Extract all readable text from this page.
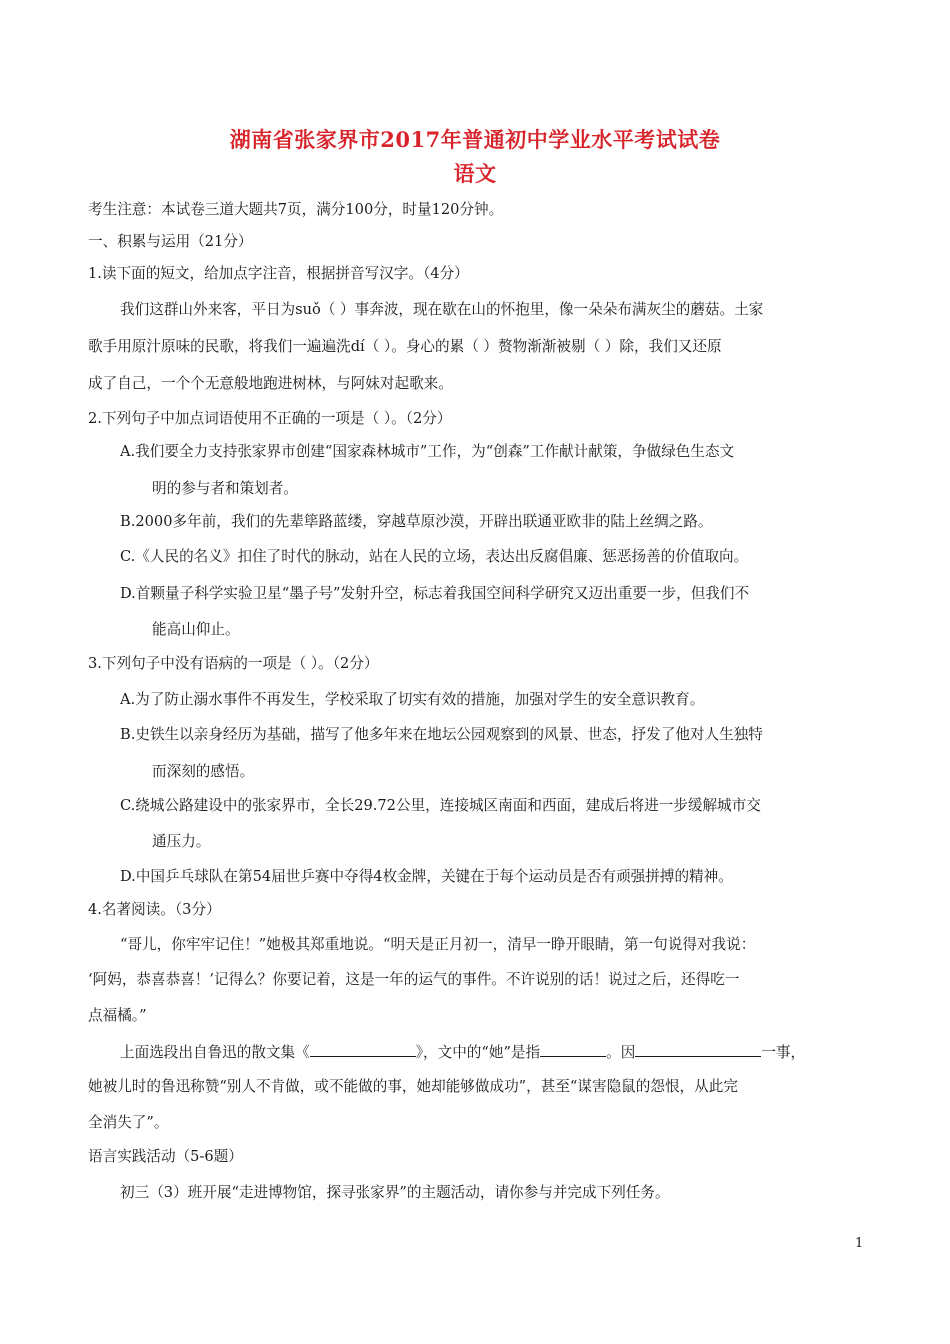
湖南省张家界市2017年普通初中学业水平考试试卷
语文
考生注意：本试卷三道大题共7页，满分100分，时量120分钟。
一、积累与运用（21分）
1.读下面的短文，给加点字注音，根据拼音写汉字。（4分）
我们这群山外来客，平日为suǒ（ ）事奔波，现在歇在山的怀抱里，像一朵朵布满灰尘的蘑菇。土家
歌手用原汁原味的民歌，将我们一遍遍洗dí（ ）。身心的累（ ）赘物渐渐被剔（ ）除，我们又还原
成了自己，一个个无意般地跑进树林，与阿妹对起歌来。
2.下列句子中加点词语使用不正确的一项是（ ）。（2分）
A.我们要全力支持张家界市创建“国家森林城市”工作，为“创森”工作献计献策，争做绿色生态文
明的参与者和策划者。
B.2000多年前，我们的先辈筚路蓝缕，穿越草原沙漠，开辟出联通亚欧非的陆上丝绸之路。
C.《人民的名义》扣住了时代的脉动，站在人民的立场，表达出反腐倡廉、惩恶扬善的价值取向。
D.首颗量子科学实验卫星“墨子号”发射升空，标志着我国空间科学研究又迈出重要一步，但我们不
能高山仰止。
3.下列句子中没有语病的一项是（ ）。（2分）
A.为了防止溺水事件不再发生，学校采取了切实有效的措施，加强对学生的安全意识教育。
B.史铁生以亲身经历为基础，描写了他多年来在地坛公园观察到的风景、世态，抒发了他对人生独特
而深刻的感悟。
C.绕城公路建设中的张家界市，全长29.72公里，连接城区南面和西面，建成后将进一步缓解城市交
通压力。
D.中国乒乓球队在第54届世乒赛中夺得4枚金牌，关键在于每个运动员是否有顽强拼搏的精神。
4.名著阅读。（3分）
“哥儿，你牢牢记住！”她极其郑重地说。“明天是正月初一，清早一睁开眼睛，第一句说得对我说：
‘阿妈，恭喜恭喜！’记得么？你要记着，这是一年的运气的事件。不许说别的话！说过之后，还得吃一
点福橘。”
上面选段出自鲁迅的散文集《	》，文中的“她”是指	。因	一事，
她被儿时的鲁迅称赞“别人不肯做，或不能做的事，她却能够做成功”，甚至“谋害隐鼠的怨恨，从此完
全消失了”。
语言实践活动（5-6题）
初三（3）班开展“走进博物馆，探寻张家界”的主题活动，请你参与并完成下列任务。
1
